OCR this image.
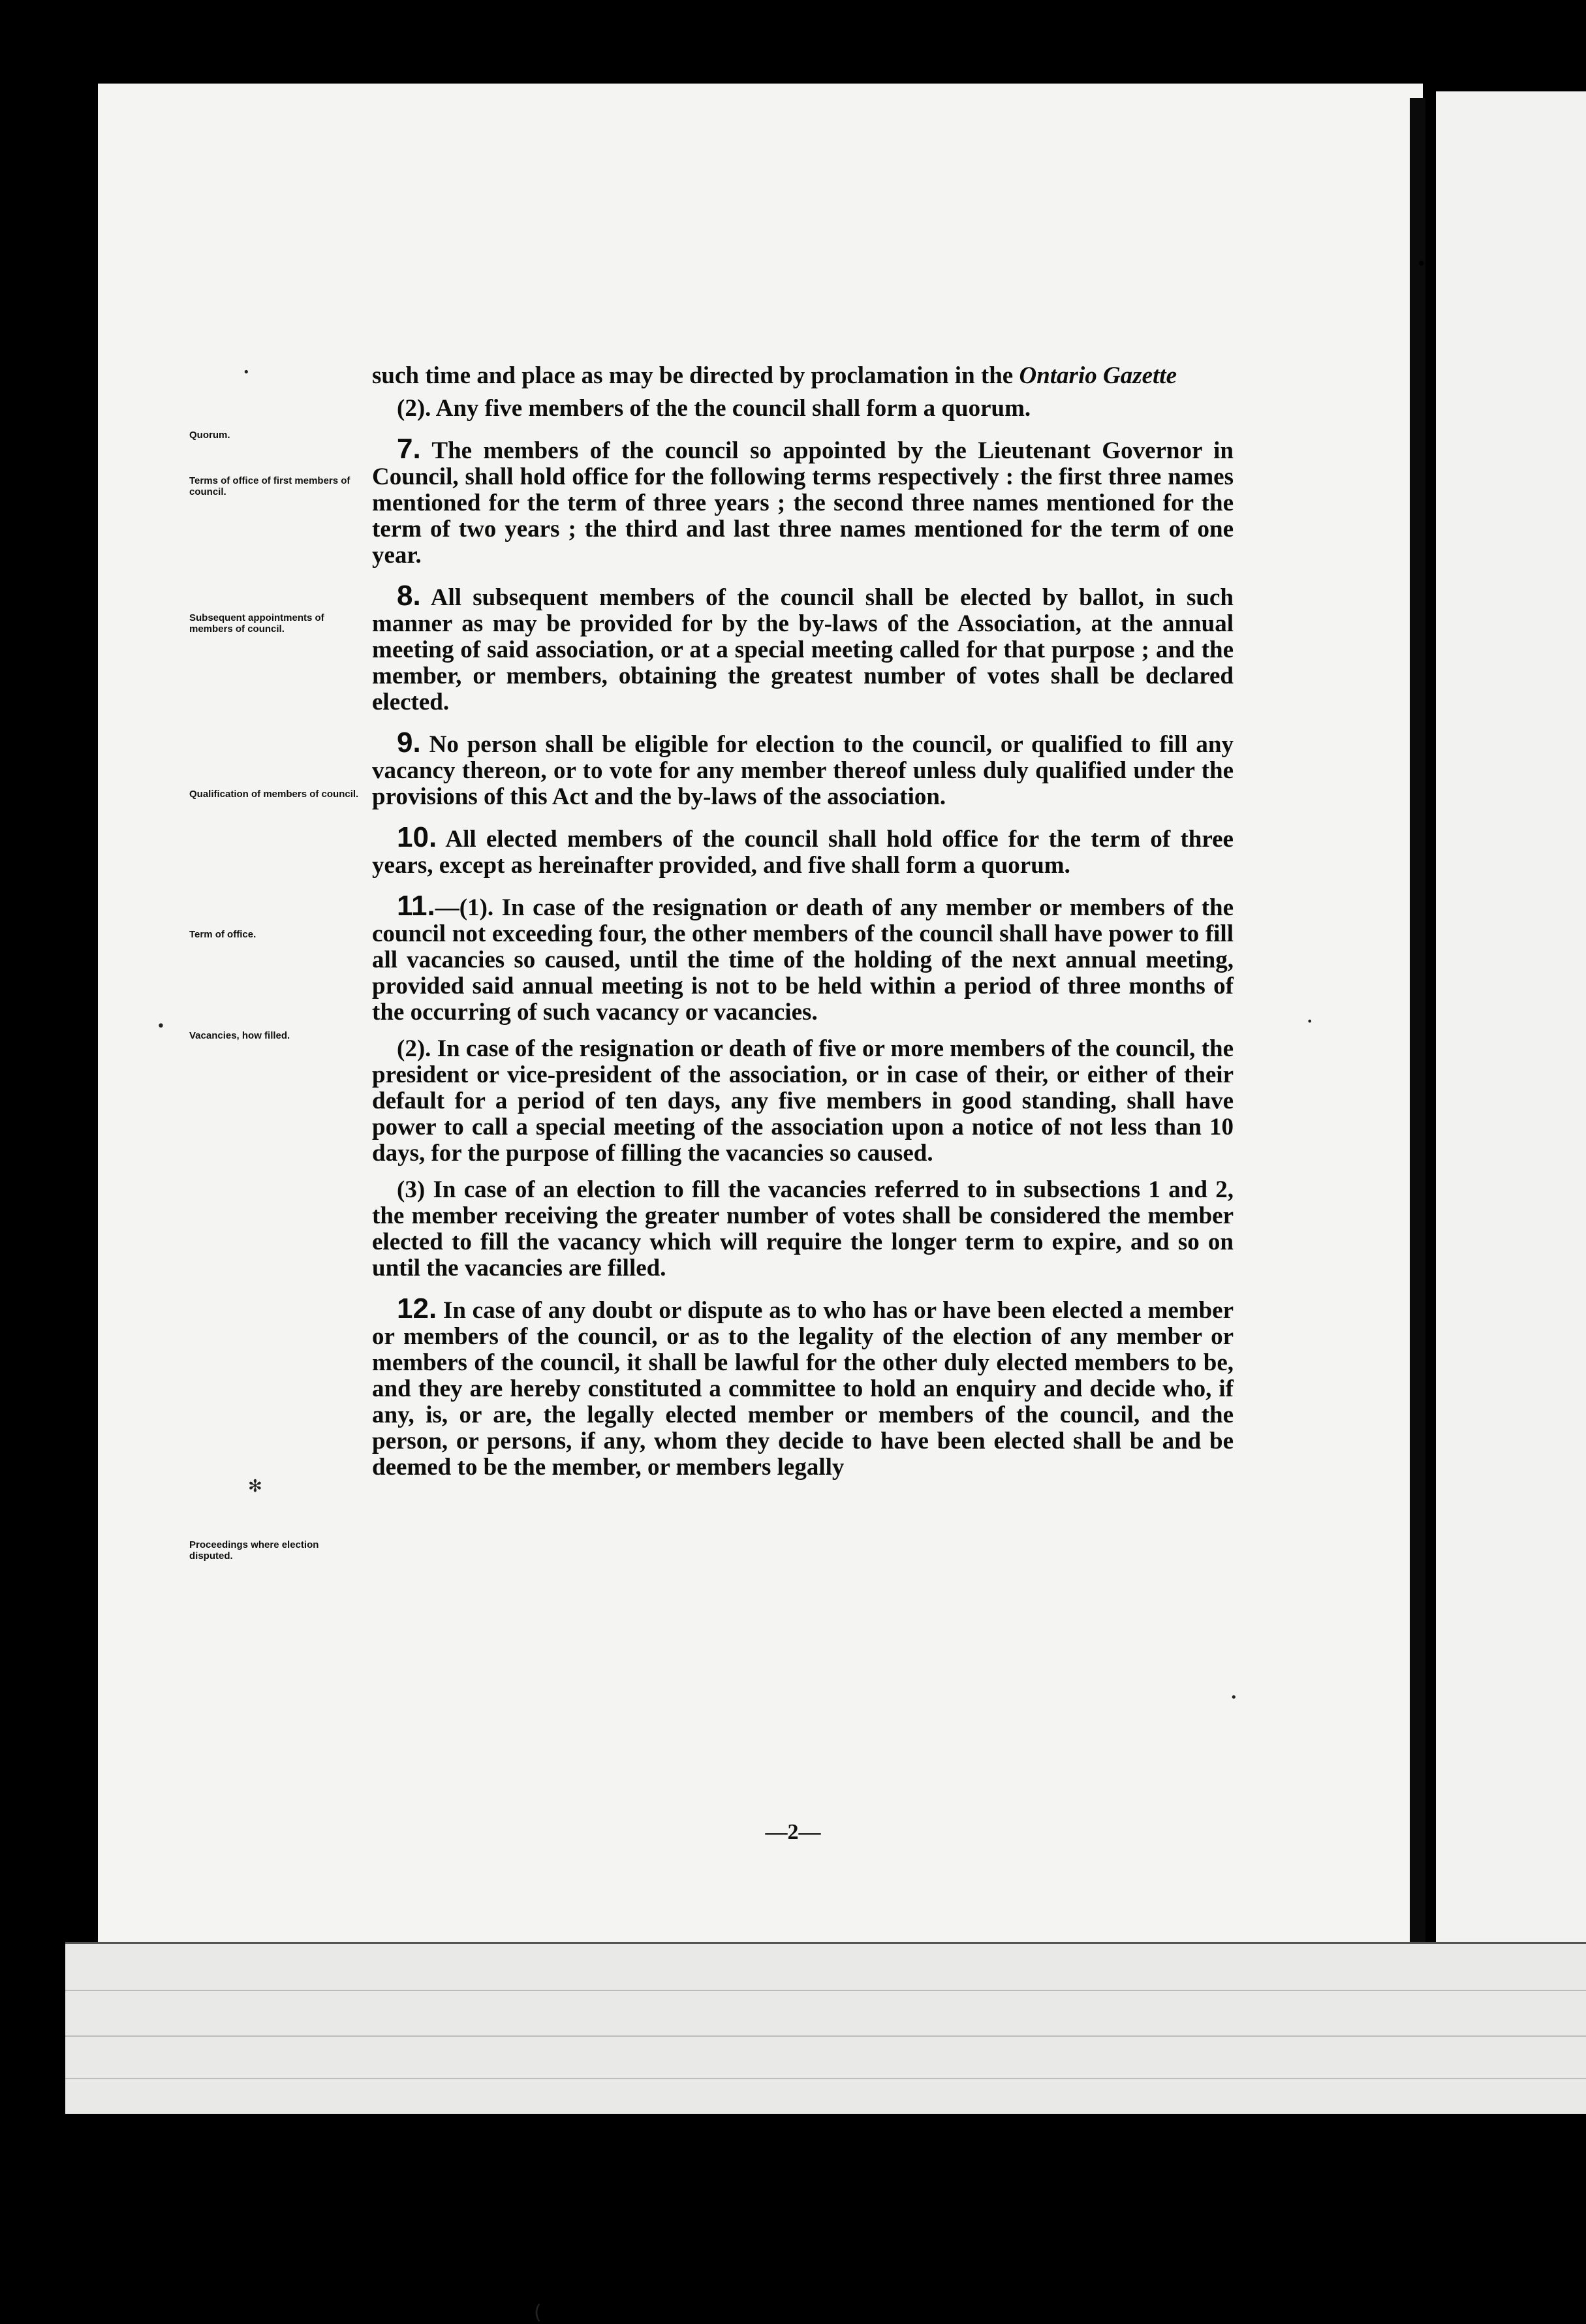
Quorum.
Terms of office of first members of council.
Subsequent appointments of members of council.
Qualification of members of council.
Term of office.
Vacancies, how filled.
Proceedings where election disputed.

such time and place as may be directed by proclamation in the Ontario Gazette

(2). Any five members of the the council shall form a quorum.

7. The members of the council so appointed by the Lieutenant Governor in Council, shall hold office for the following terms respectively : the first three names mentioned for the term of three years ; the second three names mentioned for the term of two years ; the third and last three names mentioned for the term of one year.

8. All subsequent members of the council shall be elected by ballot, in such manner as may be provided for by the by-laws of the Association, at the annual meeting of said association, or at a special meeting called for that purpose ; and the member, or members, obtaining the greatest number of votes shall be declared elected.

9. No person shall be eligible for election to the council, or qualified to fill any vacancy thereon, or to vote for any member thereof unless duly qualified under the provisions of this Act and the by-laws of the association.

10. All elected members of the council shall hold office for the term of three years, except as hereinafter provided, and five shall form a quorum.

11.—(1). In case of the resignation or death of any member or members of the council not exceeding four, the other members of the council shall have power to fill all vacancies so caused, until the time of the holding of the next annual meeting, provided said annual meeting is not to be held within a period of three months of the occurring of such vacancy or vacancies.

(2). In case of the resignation or death of five or more members of the council, the president or vice-president of the association, or in case of their, or either of their default for a period of ten days, any five members in good standing, shall have power to call a special meeting of the association upon a notice of not less than 10 days, for the purpose of filling the vacancies so caused.

(3) In case of an election to fill the vacancies referred to in subsections 1 and 2, the member receiving the greater number of votes shall be considered the member elected to fill the vacancy which will require the longer term to expire, and so on until the vacancies are filled.

12. In case of any doubt or dispute as to who has or have been elected a member or members of the council, or as to the legality of the election of any member or members of the council, it shall be lawful for the other duly elected members to be, and they are hereby constituted a committee to hold an enquiry and decide who, if any, is, or are, the legally elected member or members of the council, and the person, or persons, if any, whom they decide to have been elected shall be and be deemed to be the member, or members legally

—2—
•
•
•
✻
•
•
(
